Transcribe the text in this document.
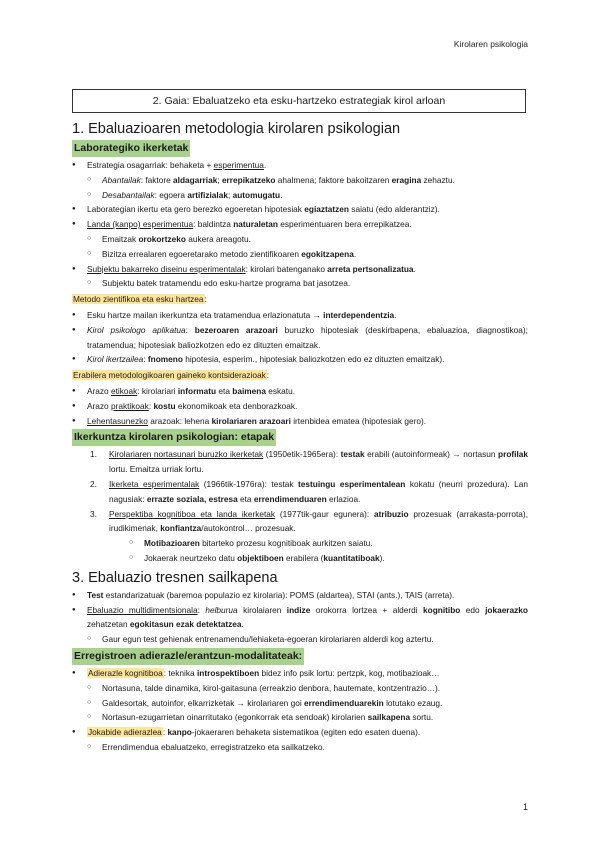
Kirolaren psikologia
2. Gaia: Ebaluatzeko eta esku-hartzeko estrategiak kirol arloan
1. Ebaluazioaren metodologia kirolaren psikologian
Laborategiko ikerketak
● Estrategia osagarriak: behaketa + esperimentua.
○ Abantailak: faktore aldagarriak; errepikatzeko ahalmena; faktore bakoitzaren eragina zehaztu.
○ Desabantailak: egoera artifizialak; automugatu.
● Laborategian ikertu eta gero berezko egoeretan hipotesiak egiaztatzen saiatu (edo alderantziz).
● Landa (kanpo) esperimentua: baldintza naturaletan esperimentuaren bera errepikatzea.
○ Emaitzak orokortzeko aukera areagotu.
○ Bizitza errealaren egoeretarako metodo zientifikoaren egokitzapena.
● Subjektu bakarreko diseinu esperimentalak: kirolari batenganako arreta pertsonalizatua.
○ Subjektu batek tratamendu edo esku-hartze programa bat jasotzea.
Metodo zientifikoa eta esku hartzea:
● Esku hartze mailan ikerkuntza eta tratamendua erlazionatuta → interdependentzia.
● Kirol psikologo aplikatua: bezeroaren arazoari buruzko hipotesiak (deskirbapena, ebaluazioa, diagnostikoa); tratamendua; hipotesiak baliozkotzen edo ez dituzten emaitzak.
● Kirol ikertzailea: fnomeno hipotesia, esperim., hipotesiak baliozkotzen edo ez dituzten emaitzak).
Erabilera metodologikoaren gaineko kontsiderazioak:
● Arazo etikoak: kirolariari informatu eta baimena eskatu.
● Arazo praktikoak: kostu ekonomikoak eta denborazkoak.
● Lehentasunezko arazoak: lehena kirolariaren arazoari irtenbidea ematea (hipotesiak gero).
Ikerkuntza kirolaren psikologian: etapak
1. Kirolariaren nortasunari buruzko ikerketak (1950etik-1965era): testak erabili (autoinformeak) → nortasun profilak lortu. Emaitza urriak lortu.
2. Ikerketa esperimentalak (1966tik-1976ra): testak testuingu esperimentalean kokatu (neurri prozedura). Lan nagusiak: errazte soziala, estresa eta errendimenduaren erlazioa.
3. Perspektiba kognitiboa eta landa ikerketak (1977tik-gaur egunera): atribuzio prozesuak (arrakasta-porrota), irudikimenak, konfiantza/autokontrol… prozesuak.
○ Motibazioaren bitarteko prozesu kognitiboak aurkitzen saiatu.
○ Jokaerak neurtzeko datu objektiboen erabilera (kuantitatiboak).
3. Ebaluazio tresnen sailkapena
● Test estandarizatuak (baremoa populazio ez kirolaria): POMS (aldartea), STAI (ants.), TAIS (arreta).
● Ebaluazio multidimentsionala: helburua kirolaiaren indize orokorra lortzea + alderdi kognitibo edo jokaerazko zehatzetan egokitasun ezak detektatzea.
○ Gaur egun test gehienak entrenamendu/lehiaketa-egoeran kirolariaren alderdi kog aztertu.
Erregistroen adierazle/erantzun-modalitateak:
● Adierazle kognitiboa: teknika introspektiboen bidez info psik lortu: pertzpk, kog, motibazioak…
○ Nortasuna, talde dinamika, kirol-gaitasuna (erreakzio denbora, hautemate, kontzentrazio…).
○ Galdesortak, autoinfor, elkarrizketak → kirolariaren goi errendimenduarekin lotutako ezaug.
○ Nortasun-ezugarrietan oinarritutako (egonkorrak eta sendoak) kirolarien sailkapena sortu.
● Jokabide adierazlea: kanpo-jokaeraren behaketa sistematikoa (egiten edo esaten duena).
○ Errendimendua ebaluatzeko, erregistratzeko eta sailkatzeko.
1
